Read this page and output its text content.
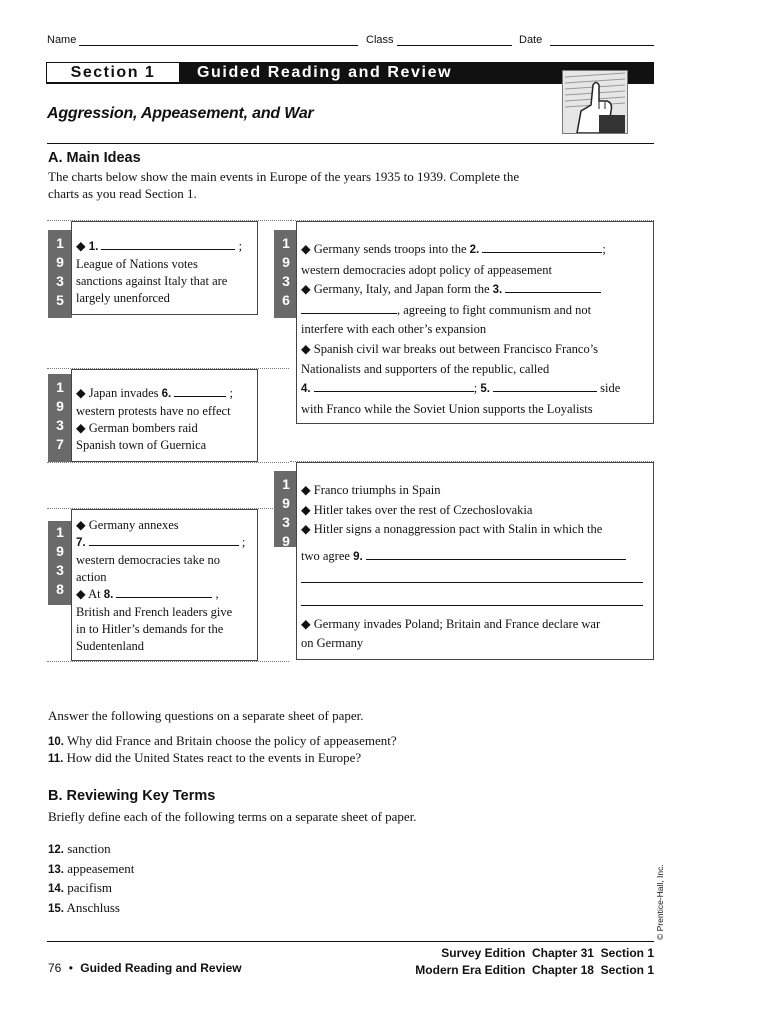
Name	Class	Date
Section 1	Guided Reading and Review
Aggression, Appeasement, and War
A. Main Ideas
The charts below show the main events in Europe of the years 1935 to 1939. Complete the
charts as you read Section 1.
1
9
3
5
◆ 1.	;
League of Nations votes
sanctions against Italy that are
largely unenforced
1
9
3
6
◆ Germany sends troops into the 2.	;
western democracies adopt policy of appeasement
◆ Germany, Italy, and Japan form the 3.
, agreeing to fight communism and not
interfere with each other’s expansion
◆ Spanish civil war breaks out between Francisco Franco’s
Nationalists and supporters of the republic, called
4.	; 5.	side
with Franco while the Soviet Union supports the Loyalists
1
9
3
7
◆ Japan invades 6.	;
western protests have no effect
◆ German bombers raid
Spanish town of Guernica
1
9
3
9
◆ Franco triumphs in Spain
◆ Hitler takes over the rest of Czechoslovakia
◆ Hitler signs a nonaggression pact with Stalin in which the
two agree 9.
◆ Germany invades Poland; Britain and France declare war
on Germany
1
9
3
8
◆ Germany annexes
7.	;
western democracies take no
action
◆ At 8.	,
British and French leaders give
in to Hitler’s demands for the
Sudentenland
Answer the following questions on a separate sheet of paper.
10. Why did France and Britain choose the policy of appeasement?
11. How did the United States react to the events in Europe?
B. Reviewing Key Terms
Briefly define each of the following terms on a separate sheet of paper.
12. sanction
13. appeasement
14. pacifism
15. Anschluss	© Prentice-Hall, Inc.
76 • Guided Reading and Review
Survey Edition  Chapter 31  Section 1
Modern Era Edition  Chapter 18  Section 1
